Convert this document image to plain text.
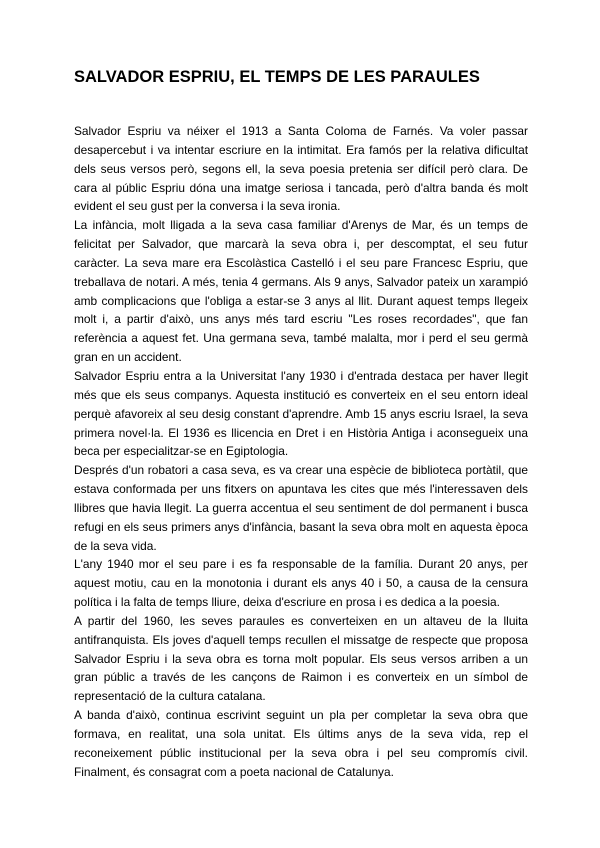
SALVADOR ESPRIU, EL TEMPS DE LES PARAULES

Salvador Espriu va néixer el 1913 a Santa Coloma de Farnés. Va voler passar desapercebut i va intentar escriure en la intimitat. Era famós per la relativa dificultat dels seus versos però, segons ell, la seva poesia pretenia ser difícil però clara. De cara al públic Espriu dóna una imatge seriosa i tancada, però d'altra banda és molt evident el seu gust per la conversa i la seva ironia.

La infància, molt lligada a la seva casa familiar d'Arenys de Mar, és un temps de felicitat per Salvador, que marcarà la seva obra i, per descomptat, el seu futur caràcter. La seva mare era Escolàstica Castelló i el seu pare Francesc Espriu, que treballava de notari. A més, tenia 4 germans. Als 9 anys, Salvador pateix un xarampió amb complicacions que l'obliga a estar-se 3 anys al llit. Durant aquest temps llegeix molt i, a partir d'això, uns anys més tard escriu "Les roses recordades", que fan referència a aquest fet. Una germana seva, també malalta, mor i perd el seu germà gran en un accident.

Salvador Espriu entra a la Universitat l'any 1930 i d'entrada destaca per haver llegit més que els seus companys. Aquesta institució es converteix en el seu entorn ideal perquè afavoreix al seu desig constant d'aprendre. Amb 15 anys escriu Israel, la seva primera novel·la. El 1936 es llicencia en Dret i en Història Antiga i aconsegueix una beca per especialitzar-se en Egiptologia.

Després d'un robatori a casa seva, es va crear una espècie de biblioteca portàtil, que estava conformada per uns fitxers on apuntava les cites que més l'interessaven dels llibres que havia llegit. La guerra accentua el seu sentiment de dol permanent i busca refugi en els seus primers anys d'infància, basant la seva obra molt en aquesta època de la seva vida.

L'any 1940 mor el seu pare i es fa responsable de la família. Durant 20 anys, per aquest motiu, cau en la monotonia i durant els anys 40 i 50, a causa de la censura política i la falta de temps lliure, deixa d'escriure en prosa i es dedica a la poesia.

A partir del 1960, les seves paraules es converteixen en un altaveu de la lluita antifranquista. Els joves d'aquell temps recullen el missatge de respecte que proposa Salvador Espriu i la seva obra es torna molt popular. Els seus versos arriben a un gran públic a través de les cançons de Raimon i es converteix en un símbol de representació de la cultura catalana.

A banda d'això, continua escrivint seguint un pla per completar la seva obra que formava, en realitat, una sola unitat. Els últims anys de la seva vida, rep el reconeixement públic institucional per la seva obra i pel seu compromís civil. Finalment, és consagrat com a poeta nacional de Catalunya.
